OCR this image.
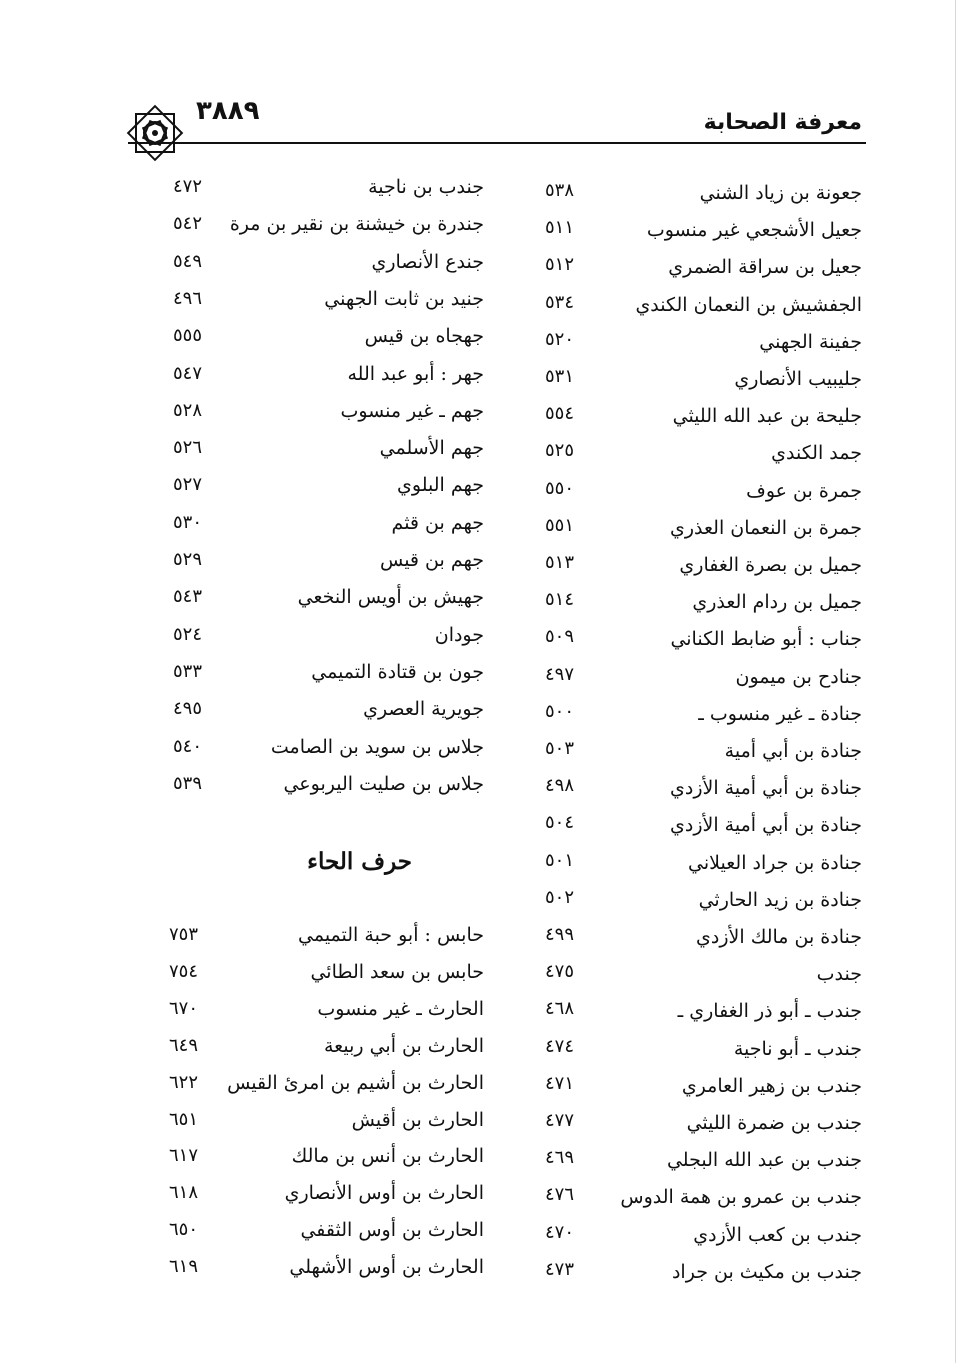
معرفة الصحابة
٣٨٨٩
جعونة بن زياد الشني
٥٣٨
جعيل الأشجعي غير منسوب
٥١١
جعيل بن سراقة الضمري
٥١٢
الجفشيش بن النعمان الكندي
٥٣٤
جفينة الجهني
٥٢٠
جليبيب الأنصاري
٥٣١
جليحة بن عبد الله الليثي
٥٥٤
جمد الكندي
٥٢٥
جمرة بن عوف
٥٥٠
جمرة بن النعمان العذري
٥٥١
جميل بن بصرة الغفاري
٥١٣
جميل بن ردام العذري
٥١٤
جناب : أبو ضابط الكناني
٥٠٩
جنادح بن ميمون
٤٩٧
جنادة ـ غير منسوب ـ
٥٠٠
جنادة بن أبي أمية
٥٠٣
جنادة بن أبي أمية الأزدي
٤٩٨
جنادة بن أبي أمية الأزدي
٥٠٤
جنادة بن جراد العيلاني
٥٠١
جنادة بن زيد الحارثي
٥٠٢
جنادة بن مالك الأزدي
٤٩٩
جندب
٤٧٥
جندب ـ أبو ذر الغفاري ـ
٤٦٨
جندب ـ أبو ناجية
٤٧٤
جندب بن زهير العامري
٤٧١
جندب بن ضمرة الليثي
٤٧٧
جندب بن عبد الله البجلي
٤٦٩
جندب بن عمرو بن همة الدوس
٤٧٦
جندب بن كعب الأزدي
٤٧٠
جندب بن مكيث بن جراد
٤٧٣
جندب بن ناجية
٤٧٢
جندرة بن خيشنة بن نقير بن مرة
٥٤٢
جندع الأنصاري
٥٤٩
جنيد بن ثابت الجهني
٤٩٦
جهجاه بن قيس
٥٥٥
جهر : أبو عبد الله
٥٤٧
جهم ـ غير منسوب
٥٢٨
جهم الأسلمي
٥٢٦
جهم البلوي
٥٢٧
جهم بن قثم
٥٣٠
جهم بن قيس
٥٢٩
جهيش بن أويس النخعي
٥٤٣
جودان
٥٢٤
جون بن قتادة التميمي
٥٣٣
جويرية العصري
٤٩٥
جلاس بن سويد بن الصامت
٥٤٠
جلاس بن صليت اليربوعي
٥٣٩
حرف الحاء
حابس : أبو حبة التميمي
٧٥٣
حابس بن سعد الطائي
٧٥٤
الحارث ـ غير منسوب
٦٧٠
الحارث بن أبي ربيعة
٦٤٩
الحارث بن أشيم بن امرئ القيس
٦٢٢
الحارث بن أقيش
٦٥١
الحارث بن أنس بن مالك
٦١٧
الحارث بن أوس الأنصاري
٦١٨
الحارث بن أوس الثقفي
٦٥٠
الحارث بن أوس الأشهلي
٦١٩
